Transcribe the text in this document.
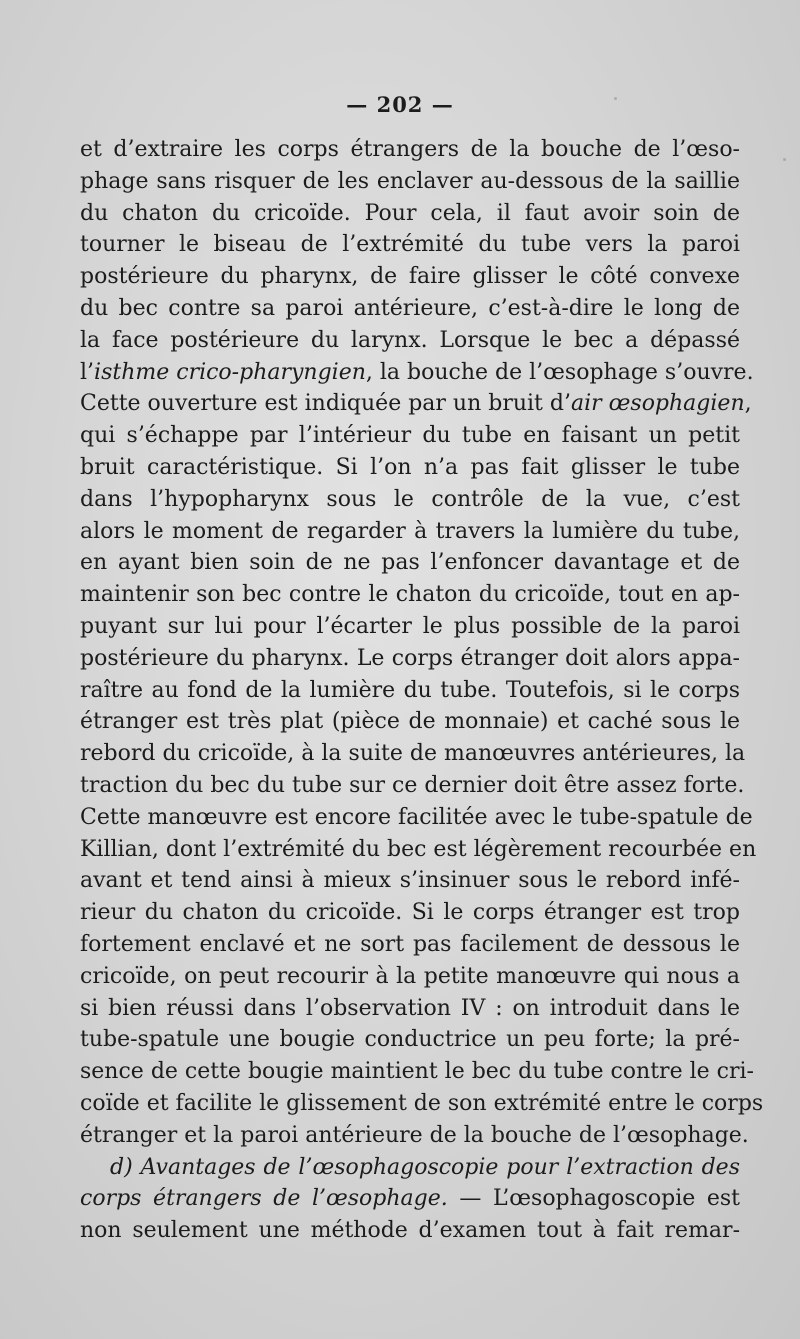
— 202 —
et d’extraire les corps étrangers de la bouche de l’œso-
phage sans risquer de les enclaver au-dessous de la saillie
du chaton du cricoïde. Pour cela, il faut avoir soin de
tourner le biseau de l’extrémité du tube vers la paroi
postérieure du pharynx, de faire glisser le côté convexe
du bec contre sa paroi antérieure, c’est-à-dire le long de
la face postérieure du larynx. Lorsque le bec a dépassé
l’isthme crico-pharyngien, la bouche de l’œsophage s’ouvre.
Cette ouverture est indiquée par un bruit d’air œsophagien,
qui s’échappe par l’intérieur du tube en faisant un petit
bruit caractéristique. Si l’on n’a pas fait glisser le tube
dans l’hypopharynx sous le contrôle de la vue, c’est
alors le moment de regarder à travers la lumière du tube,
en ayant bien soin de ne pas l’enfoncer davantage et de
maintenir son bec contre le chaton du cricoïde, tout en ap-
puyant sur lui pour l’écarter le plus possible de la paroi
postérieure du pharynx. Le corps étranger doit alors appa-
raître au fond de la lumière du tube. Toutefois, si le corps
étranger est très plat (pièce de monnaie) et caché sous le
rebord du cricoïde, à la suite de manœuvres antérieures, la
traction du bec du tube sur ce dernier doit être assez forte.
Cette manœuvre est encore facilitée avec le tube-spatule de
Killian, dont l’extrémité du bec est légèrement recourbée en
avant et tend ainsi à mieux s’insinuer sous le rebord infé-
rieur du chaton du cricoïde. Si le corps étranger est trop
fortement enclavé et ne sort pas facilement de dessous le
cricoïde, on peut recourir à la petite manœuvre qui nous a
si bien réussi dans l’observation IV : on introduit dans le
tube-spatule une bougie conductrice un peu forte; la pré-
sence de cette bougie maintient le bec du tube contre le cri-
coïde et facilite le glissement de son extrémité entre le corps
étranger et la paroi antérieure de la bouche de l’œsophage.
d) Avantages de l’œsophagoscopie pour l’extraction des
corps étrangers de l’œsophage. — L’œsophagoscopie est
non seulement une méthode d’examen tout à fait remar-
